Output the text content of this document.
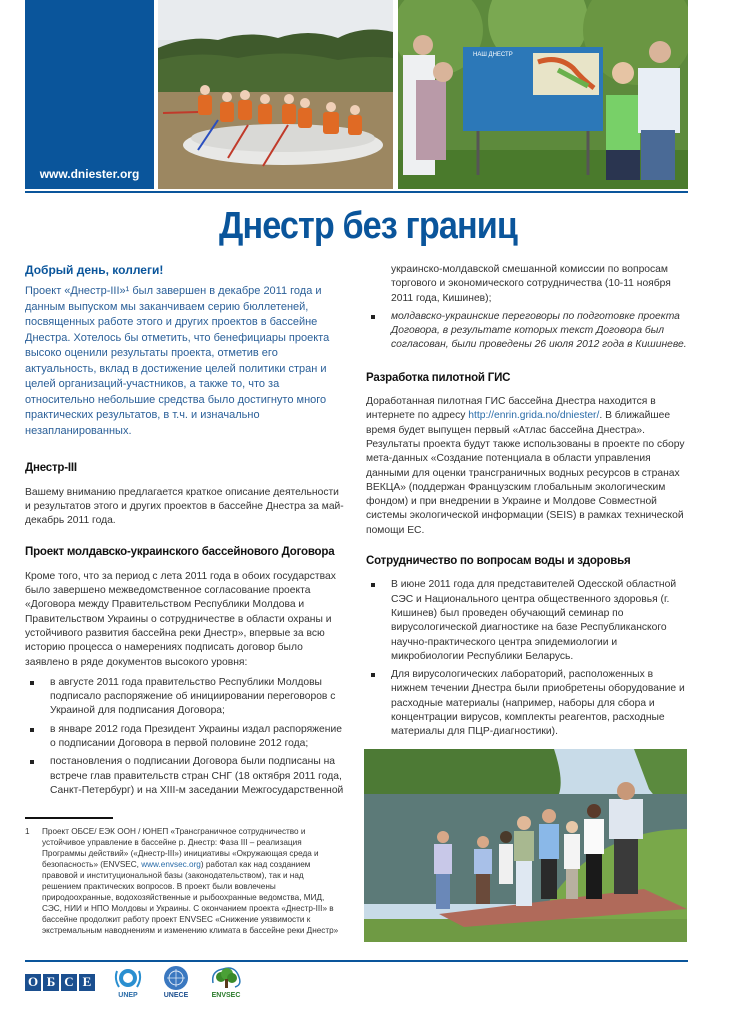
www.dniester.org
НАШ ДНЕСТР
Днестр без границ
Добрый день, коллеги!

Проект «Днестр-III»¹ был завершен в декабре 2011 года и данным выпуском мы заканчиваем серию бюллетеней, посвященных работе этого и других проектов в бассейне Днестра. Хотелось бы отметить, что бенефициары проекта высоко оценили результаты проекта, отметив его актуальность, вклад в достижение целей политики стран и целей организаций-участников, а также то, что за относительно небольшие средства было достигнуто много практических результатов, в т.ч. и изначально незапланированных.

Днестр-III

Вашему вниманию предлагается краткое описание деятельности и результатов этого и других проектов в бассейне Днестра за май-декабрь 2011 года.

Проект молдавско-украинского бассейнового Договора

Кроме того, что за период с лета 2011 года в обоих государствах было завершено межведомственное согласование проекта «Договора между Правительством Республики Молдова и Правительством Украины о сотрудничестве в области охраны и устойчивого развития бассейна реки Днестр», впервые за всю историю процесса о намерениях подписать договор было заявлено в ряде документов высокого уровня:

в августе 2011 года правительство Республики Молдовы подписало распоряжение об инициировании переговоров с Украиной для подписания Договора;
в январе 2012 года Президент Украины издал распоряжение о подписании Договора в первой половине 2012 года;
постановления о подписании Договора были подписаны на встрече глав правительств стран СНГ (18 октября 2011 года, Санкт-Петербург) и на XIII-м заседании Межгосударственной
1	Проект ОБСЕ/ ЕЭК ООН / ЮНЕП «Трансграничное сотрудничество и устойчивое управление в бассейне р. Днестр: Фаза III – реализация Программы действий» («Днестр-III») инициативы «Окружающая среда и безопасность» (ENVSEC, www.envsec.org) работал как над созданием правовой и институциональной базы (законодательством), так и над решением практических вопросов. В проект были вовлечены природоохранные, водохозяйственные и рыбоохранные ведомства, МИД, СЭС, НИИ и НПО Молдовы и Украины. С окончанием проекта «Днестр-III» в бассейне продолжит работу проект ENVSEC «Снижение уязвимости к экстремальным наводнениям и изменению климата в бассейне реки Днестр»
украинско-молдавской смешанной комиссии по вопросам торгового и экономического сотрудничества (10-11 ноября 2011 года, Кишинев);
молдавско-украинские переговоры по подготовке проекта Договора, в результате которых текст Договора был согласован, были проведены 26 июля 2012 года в Кишиневе.
Разработка пилотной ГИС

Доработанная пилотная ГИС бассейна Днестра находится в интернете по адресу http://enrin.grida.no/dniester/. В ближайшее время будет выпущен первый «Атлас бассейна Днестра». Результаты проекта будут также использованы в проекте по сбору мета-данных «Создание потенциала в области управления данными для оценки трансграничных водных ресурсов в странах ВЕКЦА» (поддержан Французским глобальным экологическим фондом) и при внедрении в Украине и Молдове Совместной системы экологической информации (SEIS) в рамках технической помощи ЕС.

Сотрудничество по вопросам воды и здоровья
В июне 2011 года для представителей Одесской областной СЭС и Национального центра общественного здоровья (г. Кишинев) был проведен обучающий семинар по вирусологической диагностике на базе Республиканского научно-практического центра эпидемиологии и микробиологии Республики Беларусь.
Для вирусологических лабораторий, расположенных в нижнем течении Днестра были приобретены оборудование и расходные материалы (например, наборы для сбора и концентрации вирусов, комплекты реагентов, расходные материалы для ПЦР-диагностики).
О Б С Е
UNEP	UNECE	ENVSEC
